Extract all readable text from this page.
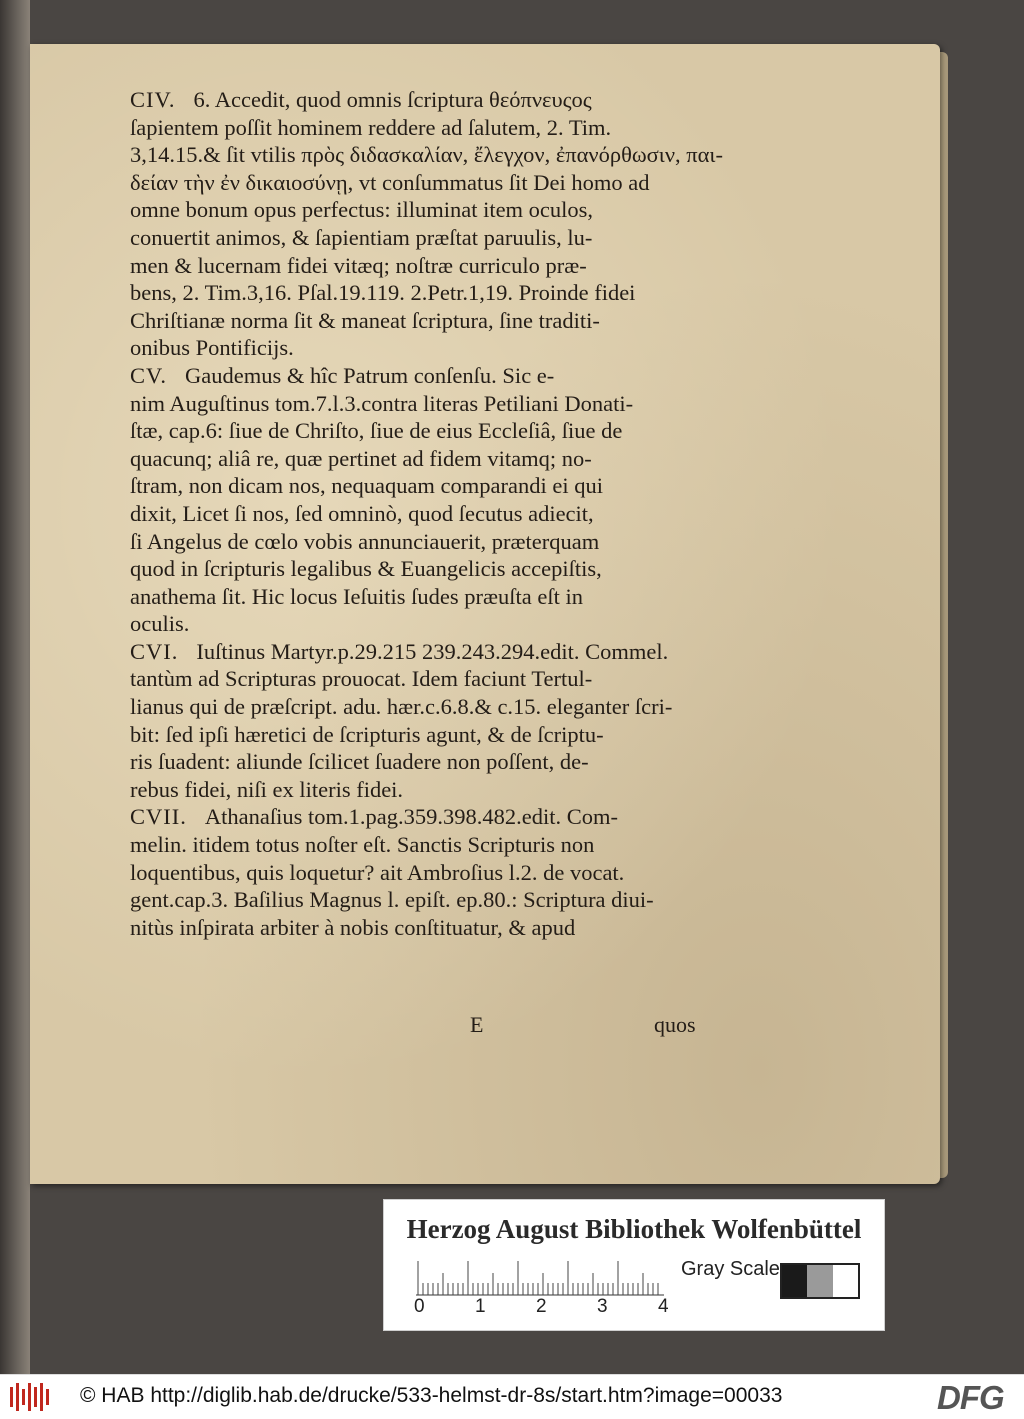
CIV. 6. Accedit, quod omnis ſcriptura θεόπνευςος
ſapientem poſſit hominem reddere ad ſalutem, 2. Tim.
3,14.15.& ſit vtilis πρὸς διδασκαλίαν, ἔλεγχον, ἐπανόρθωσιν, παι-
δείαν τὴν ἐν δικαιοσύνῃ, vt conſummatus ſit Dei homo ad
omne bonum opus perfectus: illuminat item oculos,
conuertit animos, & ſapientiam præſtat paruulis, lu-
men & lucernam fidei vitæq; noſtræ curriculo præ-
bens, 2. Tim.3,16. Pſal.19.119. 2.Petr.1,19. Proinde fidei
Chriſtianæ norma ſit & maneat ſcriptura, ſine traditi-
onibus Pontificijs.
CV. Gaudemus & hîc Patrum conſenſu. Sic e-
nim Auguſtinus tom.7.l.3.contra literas Petiliani Donati-
ſtæ, cap.6: ſiue de Chriſto, ſiue de eius Eccleſiâ, ſiue de
quacunq; aliâ re, quæ pertinet ad fidem vitamq; no-
ſtram, non dicam nos, nequaquam comparandi ei qui
dixit, Licet ſi nos, ſed omninò, quod ſecutus adiecit,
ſi Angelus de cœlo vobis annunciauerit, præterquam
quod in ſcripturis legalibus & Euangelicis accepiſtis,
anathema ſit. Hic locus Ieſuitis ſudes præuſta eſt in
oculis.
CVI. Iuſtinus Martyr.p.29.215 239.243.294.edit. Commel.
tantùm ad Scripturas prouocat. Idem faciunt Tertul-
lianus qui de præſcript. adu. hær.c.6.8.& c.15. eleganter ſcri-
bit: ſed ipſi hæretici de ſcripturis agunt, & de ſcriptu-
ris ſuadent: aliunde ſcilicet ſuadere non poſſent, de-
rebus fidei, niſi ex literis fidei.
CVII. Athanaſius tom.1.pag.359.398.482.edit. Com-
melin. itidem totus noſter eſt. Sanctis Scripturis non
loquentibus, quis loquetur? ait Ambroſius l.2. de vocat.
gent.cap.3. Baſilius Magnus l. epiſt. ep.80.: Scriptura diui-
nitùs inſpirata arbiter à nobis conſtituatur, & apud
E	quos
Herzog August Bibliothek Wolfenbüttel
0	1	2	3	4
Gray Scale
© HAB http://diglib.hab.de/drucke/533-helmst-dr-8s/start.htm?image=00033	DFG
